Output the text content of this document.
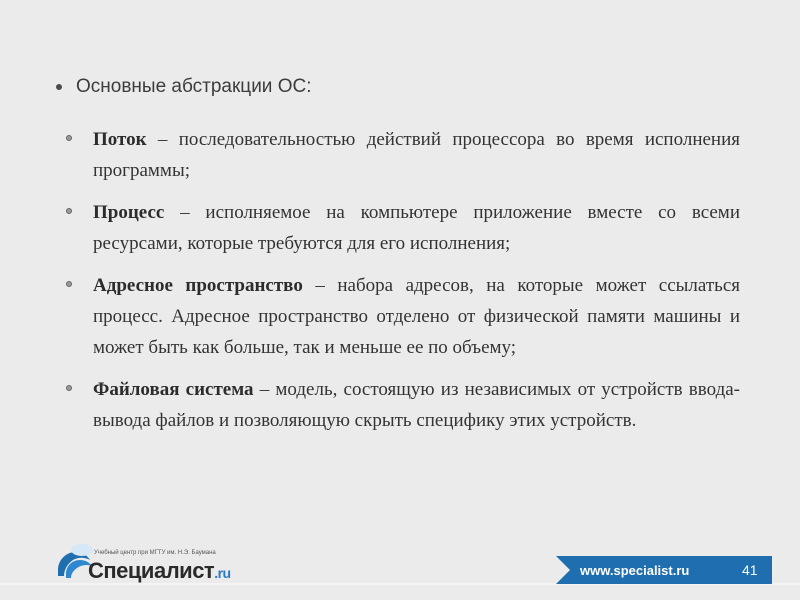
Основные абстракции ОС:
Поток – последовательностью действий процессора во время исполнения программы;
Процесс – исполняемое на компьютере приложение вместе со всеми ресурсами, которые требуются для его исполнения;
Адресное пространство – набора адресов, на которые может ссылаться процесс. Адресное пространство отделено от физической памяти машины и может быть как больше, так и меньше ее по объему;
Файловая система – модель, состоящую из независимых от устройств ввода-вывода файлов и позволяющую скрыть специфику этих устройств.
Учебный центр при МГТУ им. Н.Э. Баумана
Специалист.ru	www.specialist.ru	41
